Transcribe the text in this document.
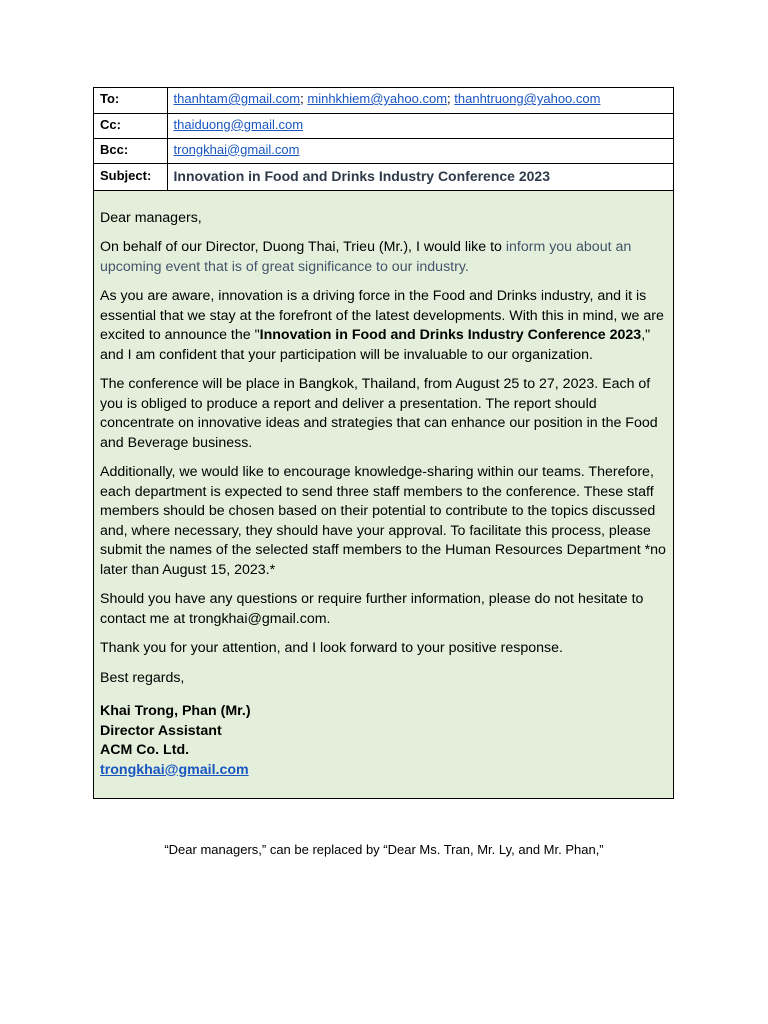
To:	thanhtam@gmail.com; minhkhiem@yahoo.com; thanhtruong@yahoo.com
Cc:	thaiduong@gmail.com
Bcc:	trongkhai@gmail.com
Subject:	Innovation in Food and Drinks Industry Conference 2023

Dear managers,

On behalf of our Director, Duong Thai, Trieu (Mr.), I would like to inform you about an upcoming event that is of great significance to our industry.

As you are aware, innovation is a driving force in the Food and Drinks industry, and it is essential that we stay at the forefront of the latest developments. With this in mind, we are excited to announce the "Innovation in Food and Drinks Industry Conference 2023," and I am confident that your participation will be invaluable to our organization.

The conference will be place in Bangkok, Thailand, from August 25 to 27, 2023. Each of you is obliged to produce a report and deliver a presentation. The report should concentrate on innovative ideas and strategies that can enhance our position in the Food and Beverage business.

Additionally, we would like to encourage knowledge-sharing within our teams. Therefore, each department is expected to send three staff members to the conference. These staff members should be chosen based on their potential to contribute to the topics discussed and, where necessary, they should have your approval. To facilitate this process, please submit the names of the selected staff members to the Human Resources Department *no later than August 15, 2023.*

Should you have any questions or require further information, please do not hesitate to contact me at trongkhai@gmail.com.

Thank you for your attention, and I look forward to your positive response.

Best regards,

Khai Trong, Phan (Mr.)
Director Assistant
ACM Co. Ltd.
trongkhai@gmail.com
“Dear managers,” can be replaced by “Dear Ms. Tran, Mr. Ly, and Mr. Phan,”
